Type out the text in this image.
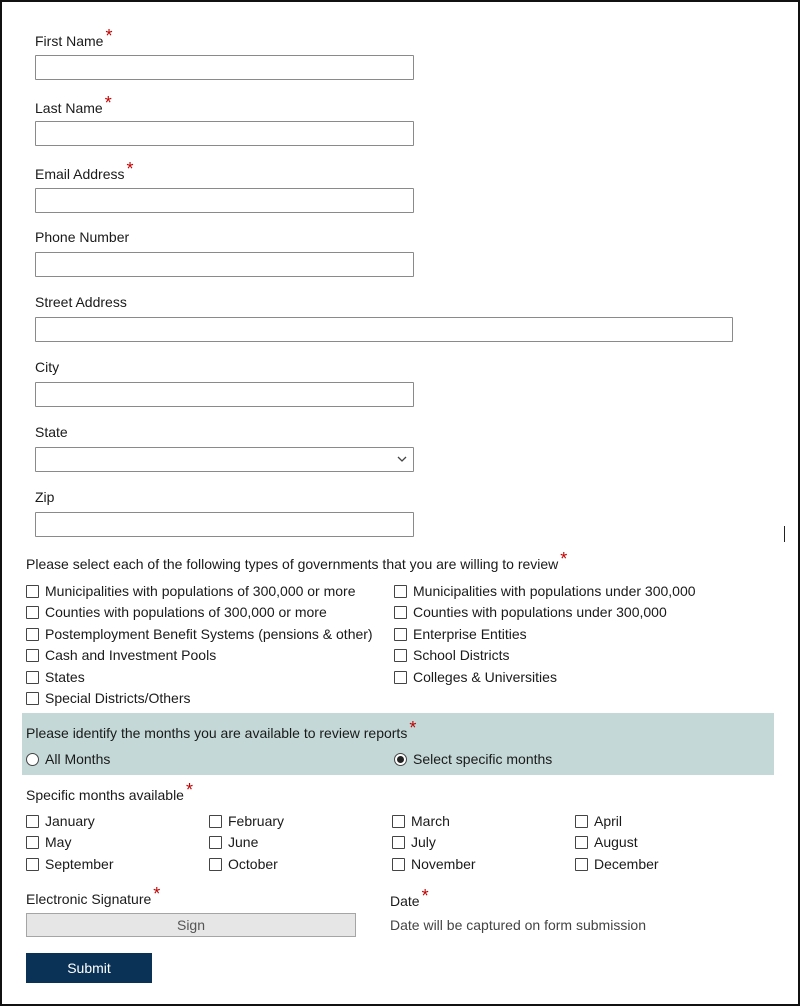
First Name *
Last Name *
Email Address *
Phone Number
Street Address
City
State
Zip
Please select each of the following types of governments that you are willing to review *
Municipalities with populations of 300,000 or more
Counties with populations of 300,000 or more
Postemployment Benefit Systems (pensions & other)
Cash and Investment Pools
States
Special Districts/Others
Municipalities with populations under 300,000
Counties with populations under 300,000
Enterprise Entities
School Districts
Colleges & Universities
Please identify the months you are available to review reports *
All Months	Select specific months
Specific months available *
January	February	March	April
May	June	July	August
September	October	November	December
Electronic Signature *
Sign
Date *
Date will be captured on form submission
Submit
